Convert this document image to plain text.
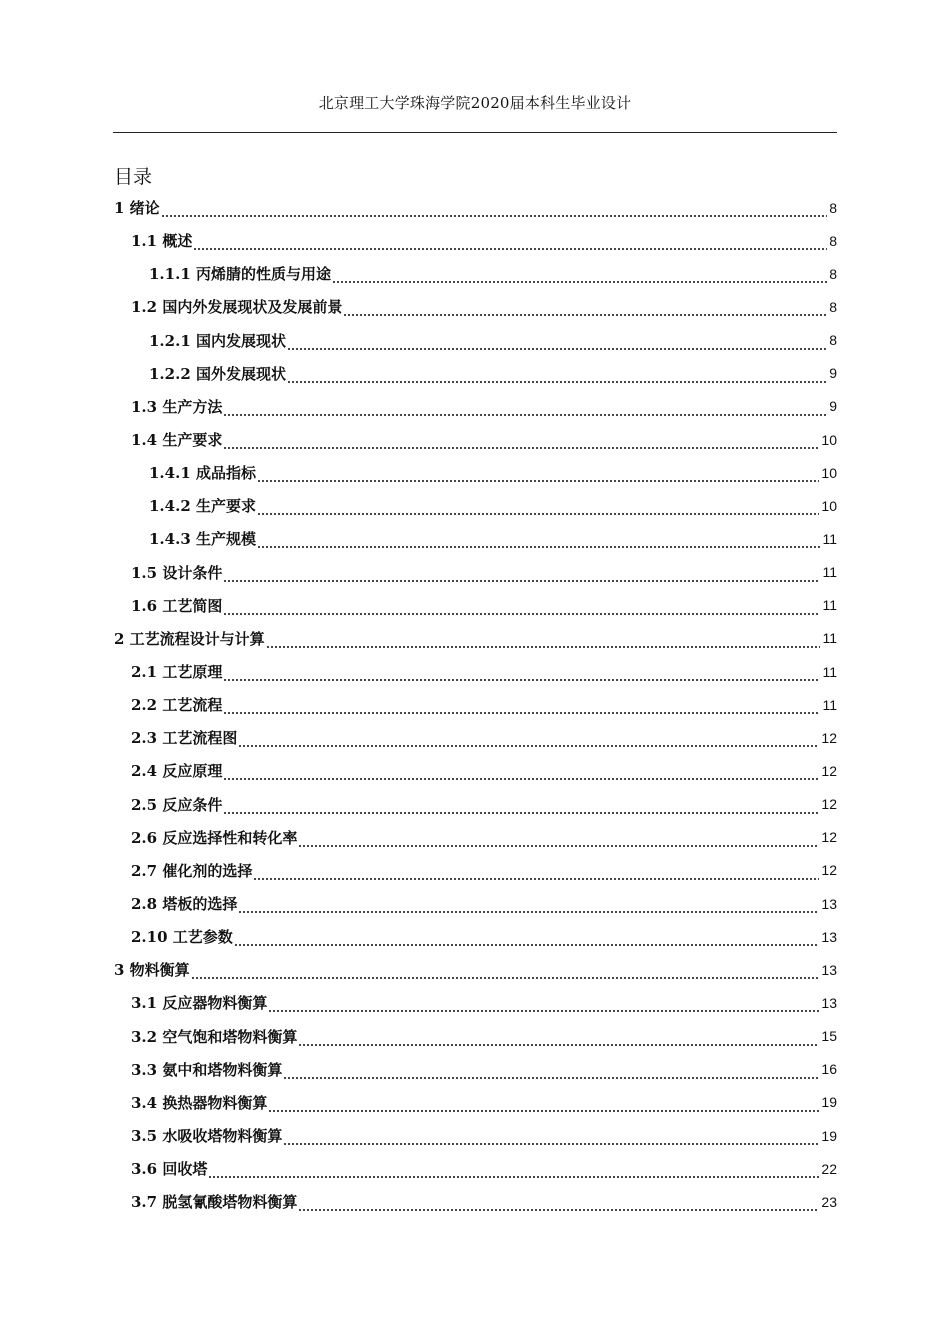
北京理工大学珠海学院2020届本科生毕业设计
目录
1 绪论	8
1.1 概述	8
1.1.1 丙烯腈的性质与用途	8
1.2 国内外发展现状及发展前景	8
1.2.1 国内发展现状	8
1.2.2 国外发展现状	9
1.3 生产方法	9
1.4 生产要求	10
1.4.1 成品指标	10
1.4.2 生产要求	10
1.4.3 生产规模	11
1.5 设计条件	11
1.6 工艺简图	11
2 工艺流程设计与计算	11
2.1 工艺原理	11
2.2 工艺流程	11
2.3 工艺流程图	12
2.4 反应原理	12
2.5 反应条件	12
2.6 反应选择性和转化率	12
2.7 催化剂的选择	12
2.8 塔板的选择	13
2.10 工艺参数	13
3 物料衡算	13
3.1 反应器物料衡算	13
3.2 空气饱和塔物料衡算	15
3.3 氨中和塔物料衡算	16
3.4 换热器物料衡算	19
3.5 水吸收塔物料衡算	19
3.6 回收塔	22
3.7 脱氢氰酸塔物料衡算	23
